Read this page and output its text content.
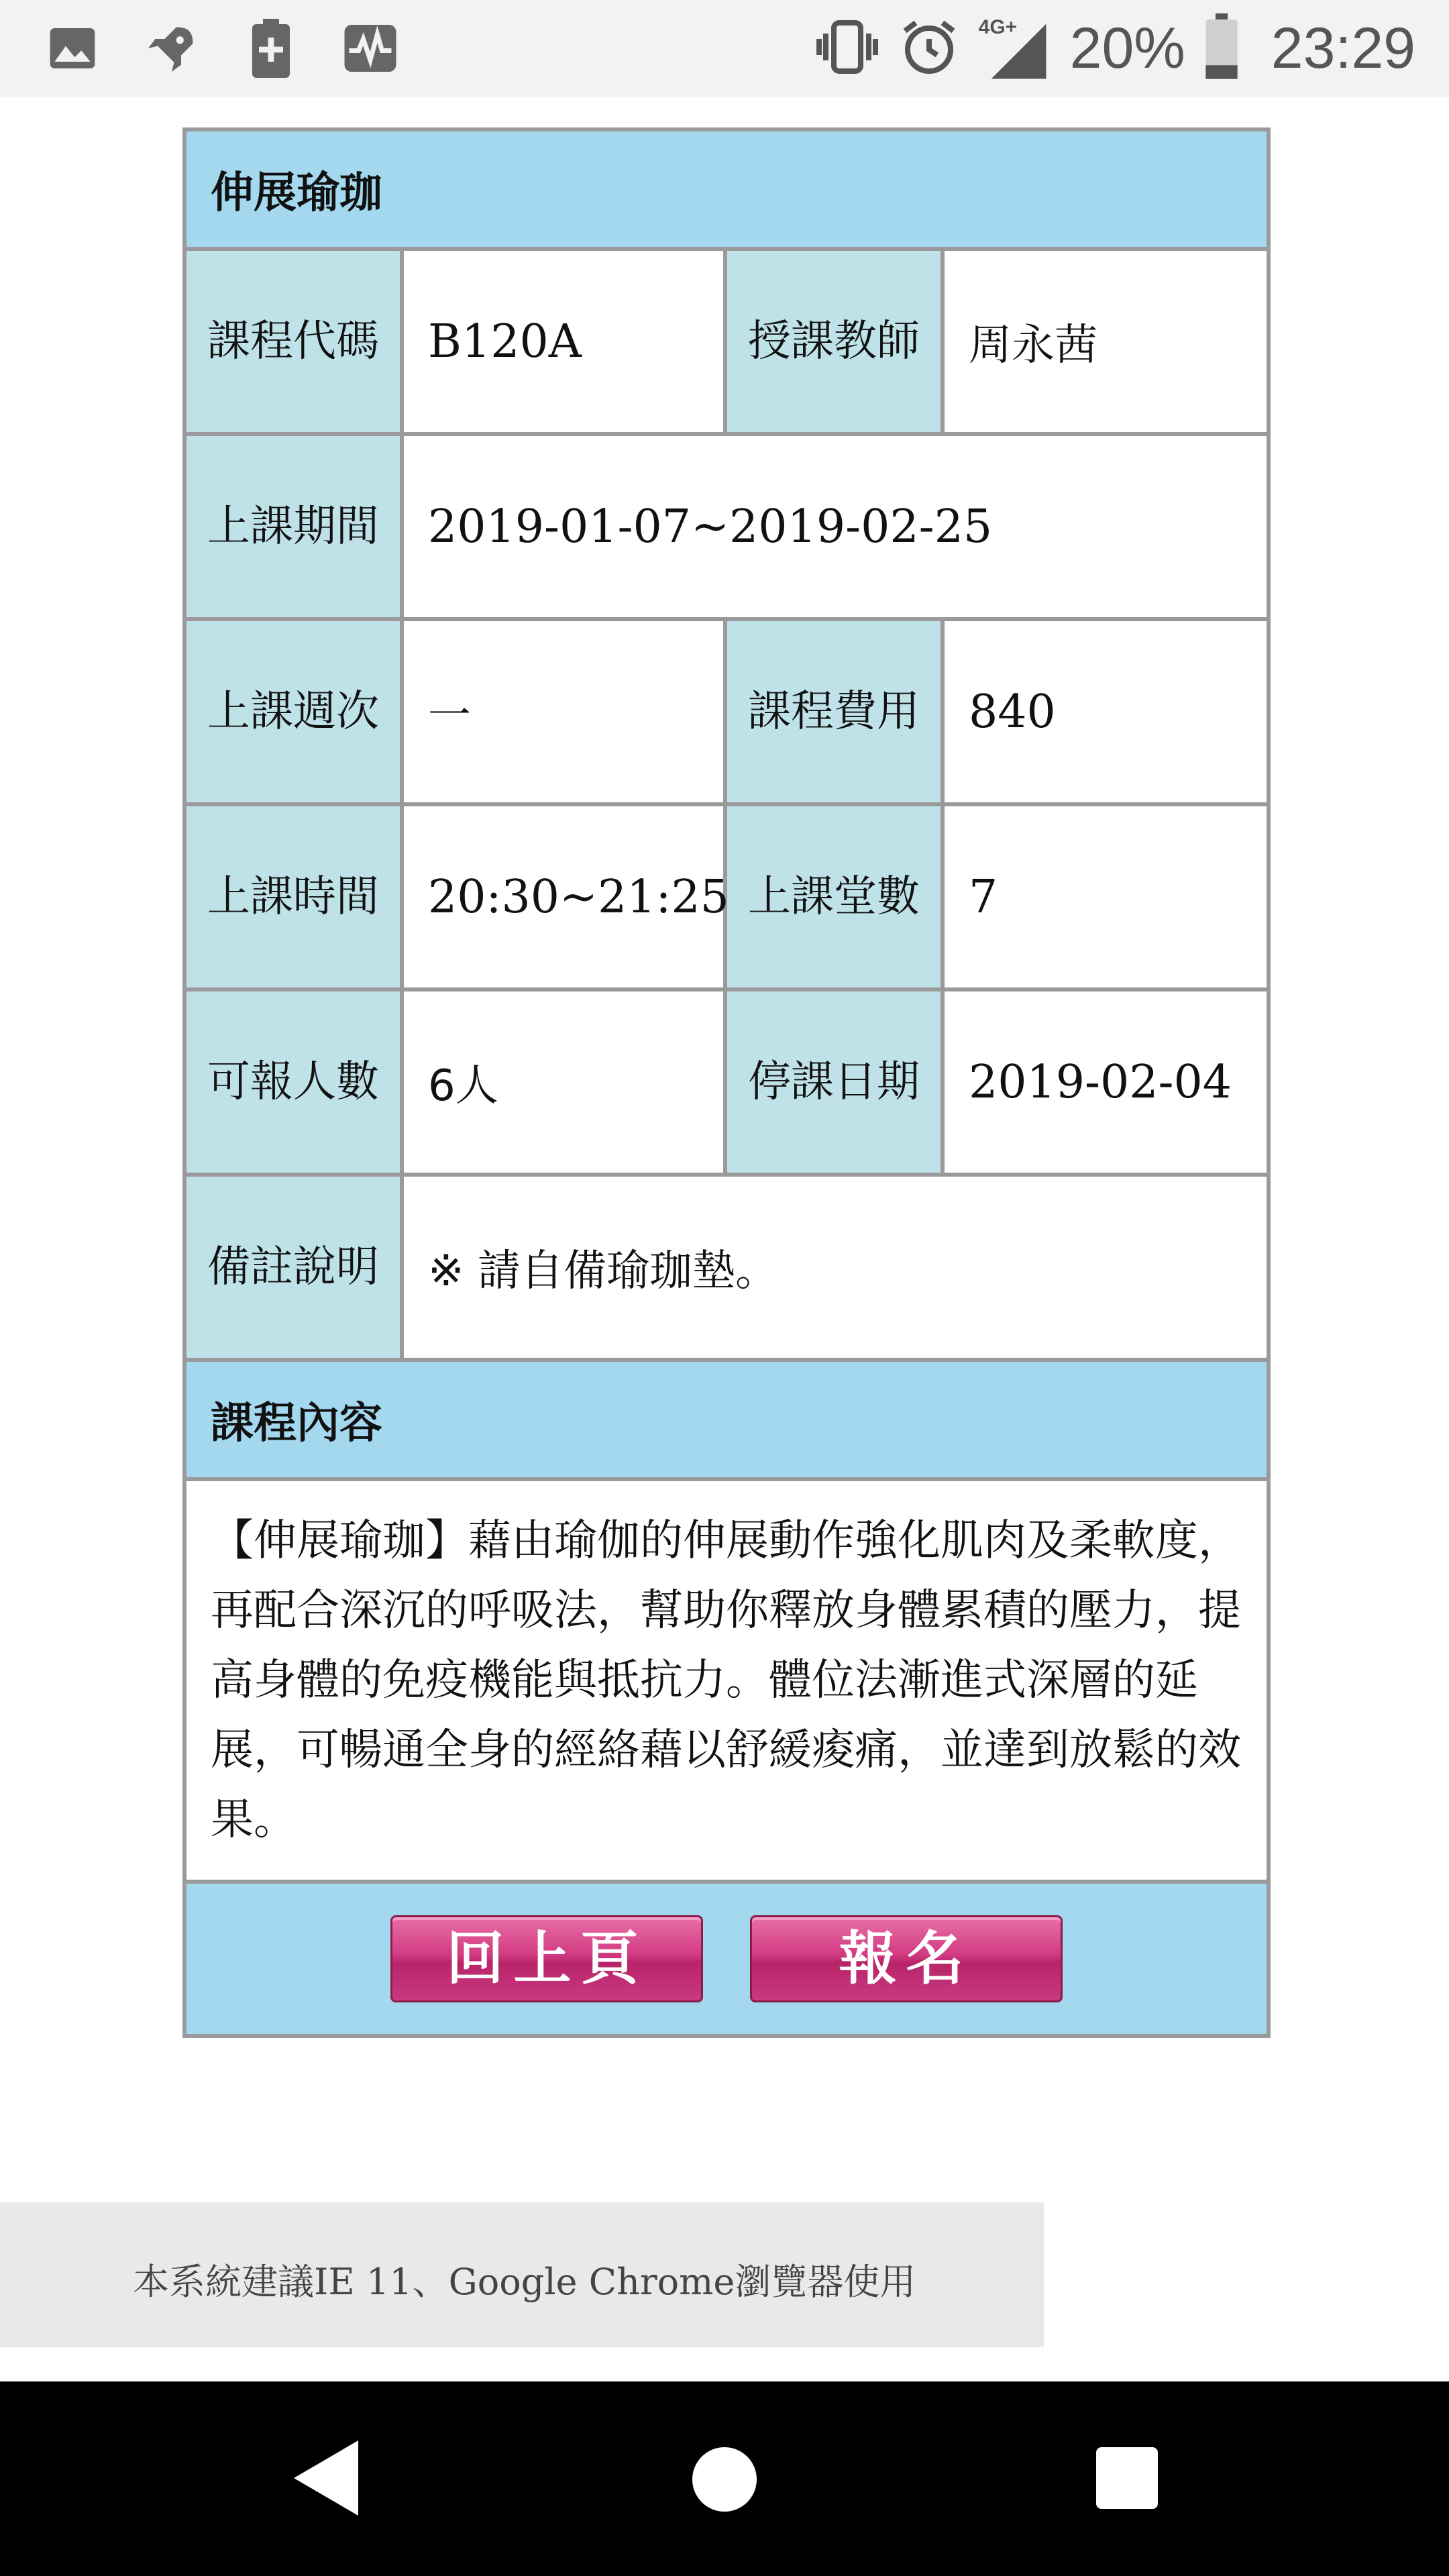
4G+ 20% 23:29
伸展瑜珈			
課程代碼	B120A	授課教師	周永茜
上課期間	2019-01-07~2019-02-25		
上課週次	一	課程費用	840
上課時間	20:30~21:25	上課堂數	7
可報人數	6人	停課日期	2019-02-04
備註說明	※ 請自備瑜珈墊。		
課程內容			
【伸展瑜珈】藉由瑜伽的伸展動作強化肌肉及柔軟度，再配合深沉的呼吸法，幫助你釋放身體累積的壓力，提高身體的免疫機能與抵抗力。體位法漸進式深層的延展，可暢通全身的經絡藉以舒緩痠痛，並達到放鬆的效果。			
回上頁 報名			
本系統建議IE 11、Google Chrome瀏覽器使用
